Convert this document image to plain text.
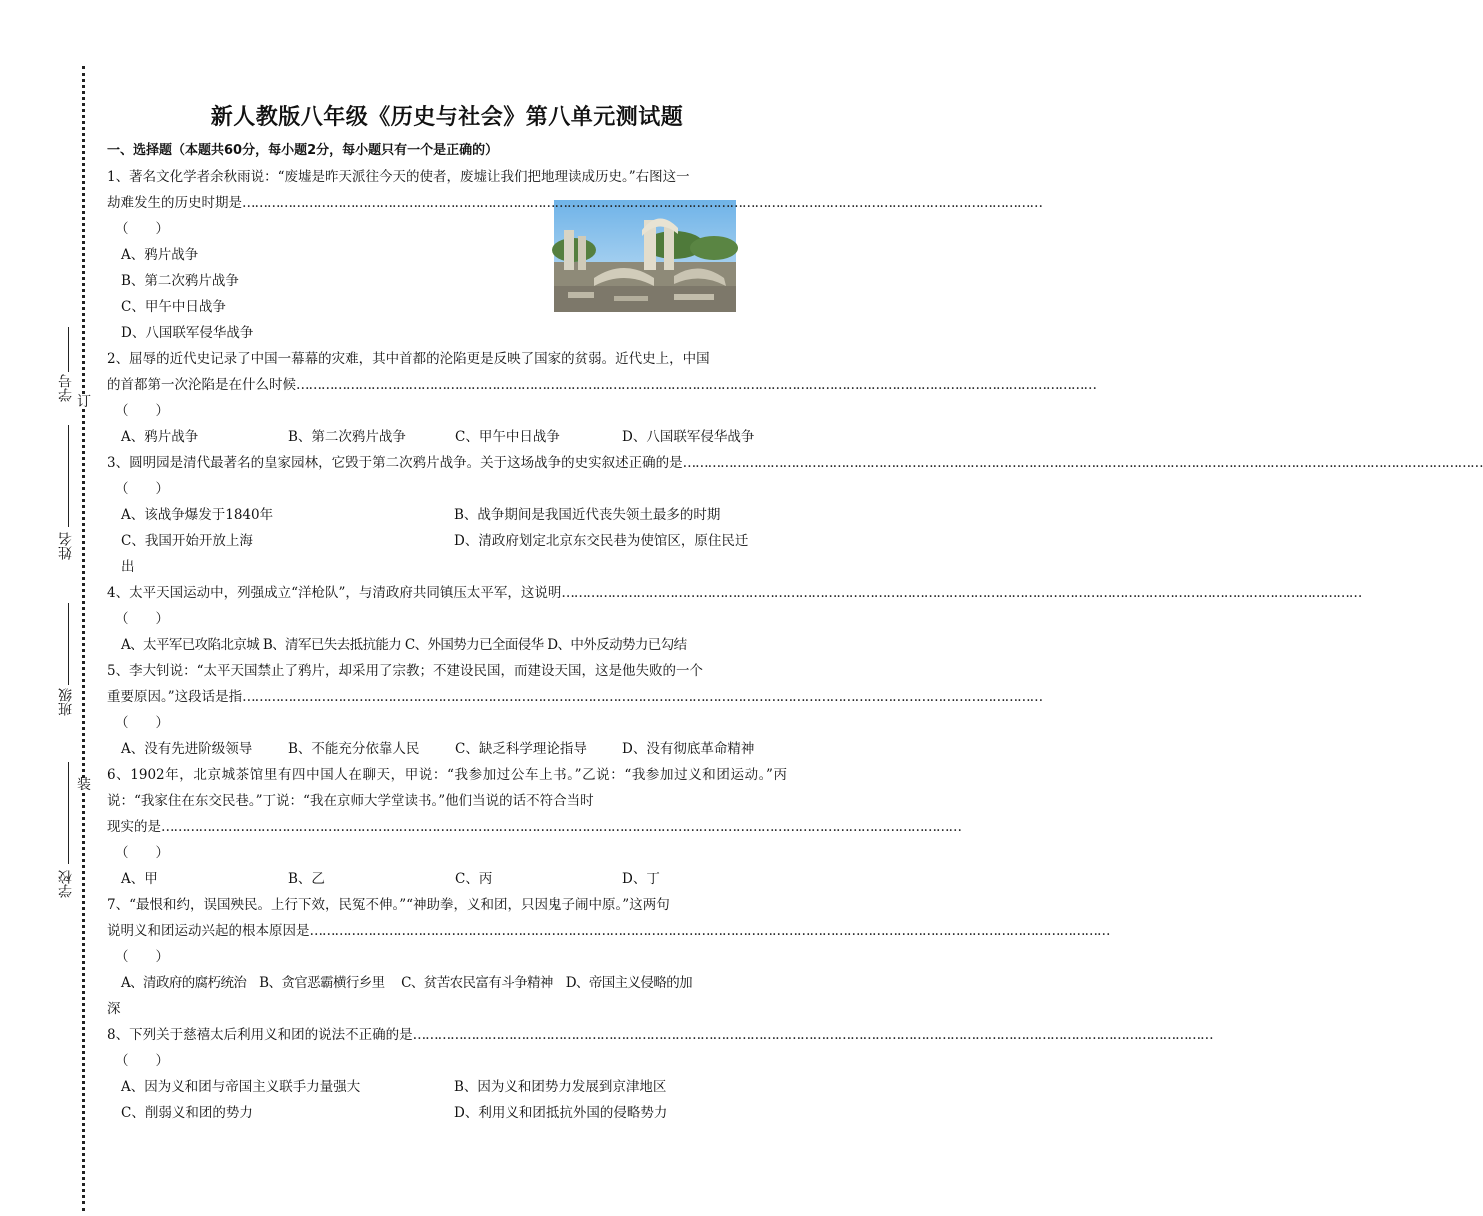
订
装
学号
姓名
班级
学校
新人教版八年级《历史与社会》第八单元测试题
一、选择题（本题共60分，每小题2分，每小题只有一个是正确的）
1、著名文化学者余秋雨说：“废墟是昨天派往今天的使者，废墟让我们把地理读成历史。”右图这一
劫难发生的历史时期是…………………………………………………………………………………………………………………………………………………………………………
（　　）
A、鸦片战争
B、第二次鸦片战争
C、甲午中日战争
D、八国联军侵华战争
2、屈辱的近代史记录了中国一幕幕的灾难，其中首都的沦陷更是反映了国家的贫弱。近代史上，中国
的首都第一次沦陷是在什么时候…………………………………………………………………………………………………………………………………………………………………………
（　　）
A、鸦片战争	B、第二次鸦片战争	C、甲午中日战争	D、八国联军侵华战争
3、圆明园是清代最著名的皇家园林，它毁于第二次鸦片战争。关于这场战争的史实叙述正确的是…………………………………………………………………………………………………………………………………………………………………………
（　　）
A、该战争爆发于1840年	B、战争期间是我国近代丧失领土最多的时期
C、我国开始开放上海	D、清政府划定北京东交民巷为使馆区，原住民迁
出
4、太平天国运动中，列强成立“洋枪队”，与清政府共同镇压太平军，这说明…………………………………………………………………………………………………………………………………………………………………………
（　　）
A、太平军已攻陷北京城 B、清军已失去抵抗能力 C、外国势力已全面侵华 D、中外反动势力已勾结
5、李大钊说：“太平天国禁止了鸦片，却采用了宗教；不建设民国，而建设天国，这是他失败的一个
重要原因。”这段话是指…………………………………………………………………………………………………………………………………………………………………………
（　　）
A、没有先进阶级领导	B、不能充分依靠人民	C、缺乏科学理论指导	D、没有彻底革命精神
6、1902年，北京城茶馆里有四中国人在聊天，甲说：“我参加过公车上书。”乙说：“我参加过义和团运动。”丙说：“我家住在东交民巷。”丁说：“我在京师大学堂读书。”他们当说的话不符合当时
现实的是…………………………………………………………………………………………………………………………………………………………………………
（　　）
A、甲	B、乙	C、丙	D、丁
7、“最恨和约，误国殃民。上行下效，民冤不伸。”“神助拳，义和团，只因鬼子闹中原。”这两句
说明义和团运动兴起的根本原因是…………………………………………………………………………………………………………………………………………………………………………
（　　）
A、清政府的腐朽统治　B、贪官恶霸横行乡里　 C、贫苦农民富有斗争精神　D、帝国主义侵略的加
深
8、下列关于慈禧太后利用义和团的说法不正确的是…………………………………………………………………………………………………………………………………………………………………………
（　　）
A、因为义和团与帝国主义联手力量强大	B、因为义和团势力发展到京津地区
C、削弱义和团的势力	D、利用义和团抵抗外国的侵略势力
